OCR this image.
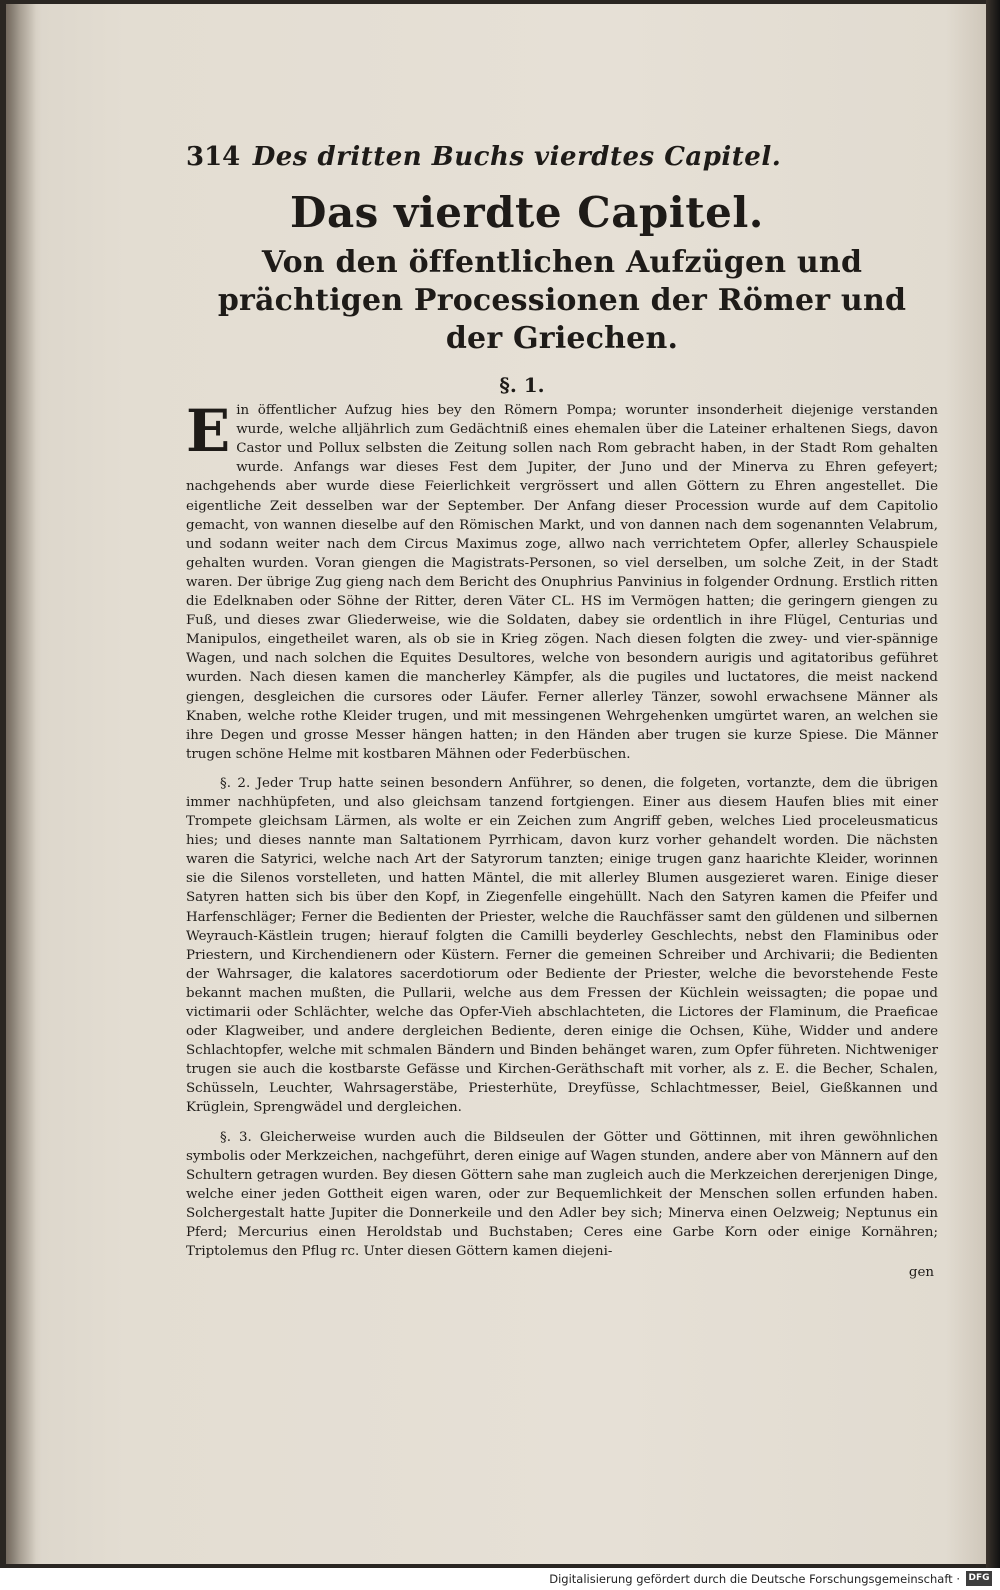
314 Des dritten Buchs vierdtes Capitel.
Das vierdte Capitel.
Von den öffentlichen Aufzügen und prächtigen Processionen der Römer und der Griechen.
§. 1.

Ein öffentlicher Aufzug hies bey den Römern Pompa; worunter insonderheit diejenige verstanden wurde, welche alljährlich zum Gedächtniß eines ehemalen über die Lateiner erhaltenen Siegs, davon Castor und Pollux selbsten die Zeitung sollen nach Rom gebracht haben, in der Stadt Rom gehalten wurde. Anfangs war dieses Fest dem Jupiter, der Juno und der Minerva zu Ehren gefeyert; nachgehends aber wurde diese Feierlichkeit vergrössert und allen Göttern zu Ehren angestellet. Die eigentliche Zeit desselben war der September. Der Anfang dieser Procession wurde auf dem Capitolio gemacht, von wannen dieselbe auf den Römischen Markt, und von dannen nach dem sogenannten Velabrum, und sodann weiter nach dem Circus Maximus zoge, allwo nach verrichtetem Opfer, allerley Schauspiele gehalten wurden. Voran giengen die Magistrats-Personen, so viel derselben, um solche Zeit, in der Stadt waren. Der übrige Zug gieng nach dem Bericht des Onuphrius Panvinius in folgender Ordnung. Erstlich ritten die Edelknaben oder Söhne der Ritter, deren Väter CL. HS im Vermögen hatten; die geringern giengen zu Fuß, und dieses zwar Gliederweise, wie die Soldaten, dabey sie ordentlich in ihre Flügel, Centurias und Manipulos, eingetheilet waren, als ob sie in Krieg zögen. Nach diesen folgten die zwey- und vier-spännige Wagen, und nach solchen die Equites Desultores, welche von besondern aurigis und agitatoribus geführet wurden. Nach diesen kamen die mancherley Kämpfer, als die pugiles und luctatores, die meist nackend giengen, desgleichen die cursores oder Läufer. Ferner allerley Tänzer, sowohl erwachsene Männer als Knaben, welche rothe Kleider trugen, und mit messingenen Wehrgehenken umgürtet waren, an welchen sie ihre Degen und grosse Messer hängen hatten; in den Händen aber trugen sie kurze Spiese. Die Männer trugen schöne Helme mit kostbaren Mähnen oder Federbüschen.

§. 2. Jeder Trup hatte seinen besondern Anführer, so denen, die folgeten, vortanzte, dem die übrigen immer nachhüpfeten, und also gleichsam tanzend fortgiengen. Einer aus diesem Haufen blies mit einer Trompete gleichsam Lärmen, als wolte er ein Zeichen zum Angriff geben, welches Lied proceleusmaticus hies; und dieses nannte man Saltationem Pyrrhicam, davon kurz vorher gehandelt worden. Die nächsten waren die Satyrici, welche nach Art der Satyrorum tanzten; einige trugen ganz haarichte Kleider, worinnen sie die Silenos vorstelleten, und hatten Mäntel, die mit allerley Blumen ausgezieret waren. Einige dieser Satyren hatten sich bis über den Kopf, in Ziegenfelle eingehüllt. Nach den Satyren kamen die Pfeifer und Harfenschläger; Ferner die Bedienten der Priester, welche die Rauchfässer samt den güldenen und silbernen Weyrauch-Kästlein trugen; hierauf folgten die Camilli beyderley Geschlechts, nebst den Flaminibus oder Priestern, und Kirchendienern oder Küstern. Ferner die gemeinen Schreiber und Archivarii; die Bedienten der Wahrsager, die kalatores sacerdotiorum oder Bediente der Priester, welche die bevorstehende Feste bekannt machen mußten, die Pullarii, welche aus dem Fressen der Küchlein weissagten; die popae und victimarii oder Schlächter, welche das Opfer-Vieh abschlachteten, die Lictores der Flaminum, die Praeficae oder Klagweiber, und andere dergleichen Bediente, deren einige die Ochsen, Kühe, Widder und andere Schlachtopfer, welche mit schmalen Bändern und Binden behänget waren, zum Opfer führeten. Nichtweniger trugen sie auch die kostbarste Gefässe und Kirchen-Geräthschaft mit vorher, als z. E. die Becher, Schalen, Schüsseln, Leuchter, Wahrsagerstäbe, Priesterhüte, Dreyfüsse, Schlachtmesser, Beiel, Gießkannen und Krüglein, Sprengwädel und dergleichen.

§. 3. Gleicherweise wurden auch die Bildseulen der Götter und Göttinnen, mit ihren gewöhnlichen symbolis oder Merkzeichen, nachgeführt, deren einige auf Wagen stunden, andere aber von Männern auf den Schultern getragen wurden. Bey diesen Göttern sahe man zugleich auch die Merkzeichen dererjenigen Dinge, welche einer jeden Gottheit eigen waren, oder zur Bequemlichkeit der Menschen sollen erfunden haben. Solchergestalt hatte Jupiter die Donnerkeile und den Adler bey sich; Minerva einen Oelzweig; Neptunus ein Pferd; Mercurius einen Heroldstab und Buchstaben; Ceres eine Garbe Korn oder einige Kornähren; Triptolemus den Pflug rc. Unter diesen Göttern kamen diejeni-

gen
Digitalisierung gefördert durch die Deutsche Forschungsgemeinschaft · DFG
